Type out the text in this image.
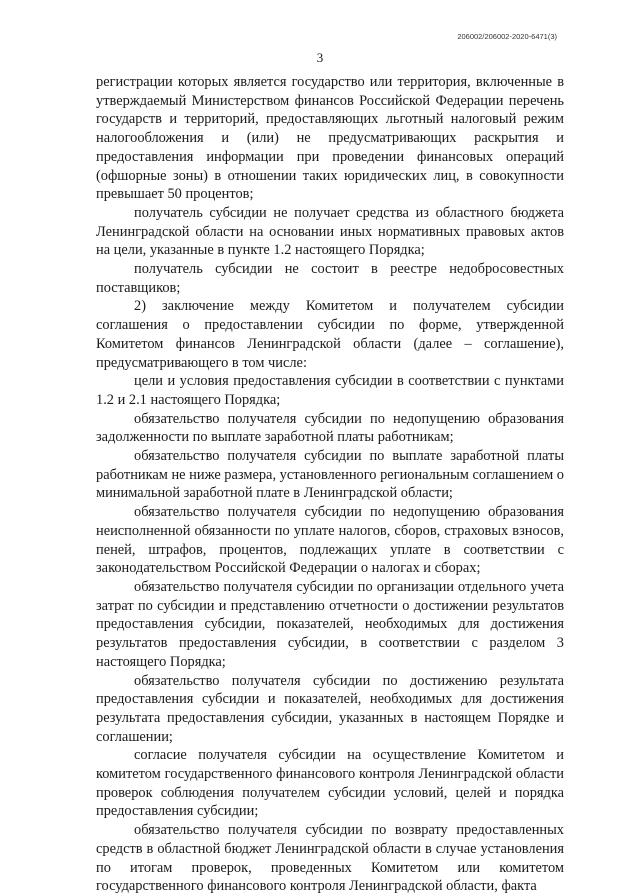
206002/206002-2020-6471(3)
3

регистрации которых является государство или территория, включенные в утверждаемый Министерством финансов Российской Федерации перечень государств и территорий, предоставляющих льготный налоговый режим налогообложения и (или) не предусматривающих раскрытия и предоставления информации при проведении финансовых операций (офшорные зоны) в отношении таких юридических лиц, в совокупности превышает 50 процентов;

получатель субсидии не получает средства из областного бюджета Ленинградской области на основании иных нормативных правовых актов на цели, указанные в пункте 1.2 настоящего Порядка;

получатель субсидии не состоит в реестре недобросовестных поставщиков;

2) заключение между Комитетом и получателем субсидии соглашения о предоставлении субсидии по форме, утвержденной Комитетом финансов Ленинградской области (далее – соглашение), предусматривающего в том числе:

цели и условия предоставления субсидии в соответствии с пунктами 1.2 и 2.1 настоящего Порядка;

обязательство получателя субсидии по недопущению образования задолженности по выплате заработной платы работникам;

обязательство получателя субсидии по выплате заработной платы работникам не ниже размера, установленного региональным соглашением о минимальной заработной плате в Ленинградской области;

обязательство получателя субсидии по недопущению образования неисполненной обязанности по уплате налогов, сборов, страховых взносов, пеней, штрафов, процентов, подлежащих уплате в соответствии с законодательством Российской Федерации о налогах и сборах;

обязательство получателя субсидии по организации отдельного учета затрат по субсидии и представлению отчетности о достижении результатов предоставления субсидии, показателей, необходимых для достижения результатов предоставления субсидии, в соответствии с разделом 3 настоящего Порядка;

обязательство получателя субсидии по достижению результата предоставления субсидии и показателей, необходимых для достижения результата предоставления субсидии, указанных в настоящем Порядке и соглашении;

согласие получателя субсидии на осуществление Комитетом и комитетом государственного финансового контроля Ленинградской области проверок соблюдения получателем субсидии условий, целей и порядка предоставления субсидии;

обязательство получателя субсидии по возврату предоставленных средств в областной бюджет Ленинградской области в случае установления по итогам проверок, проведенных Комитетом или комитетом государственного финансового контроля Ленинградской области, факта
